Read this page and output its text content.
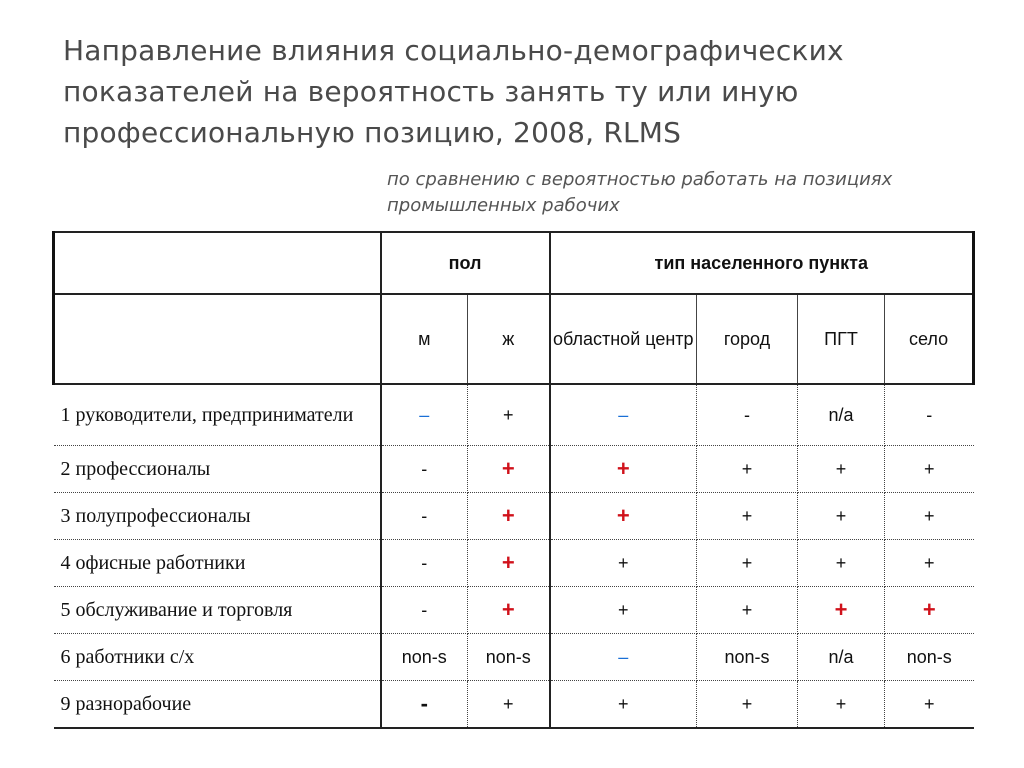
Направление влияния социально-демографических показателей на вероятность занять ту или иную профессиональную позицию, 2008, RLMS
по сравнению с вероятностью работать на позициях промышленных рабочих
	пол		тип населенного пункта			
	м	ж	областной центр	город	ПГТ	село
1 руководители, предприниматели	–	+	–	-	n/a	-
2 профессионалы	-	+	+	+	+	+
3 полупрофессионалы	-	+	+	+	+	+
4 офисные работники	-	+	+	+	+	+
5 обслуживание и торговля	-	+	+	+	+	+
6 работники с/х	non-s	non-s	–	non-s	n/a	non-s
9 разнорабочие	-	+	+	+	+	+
